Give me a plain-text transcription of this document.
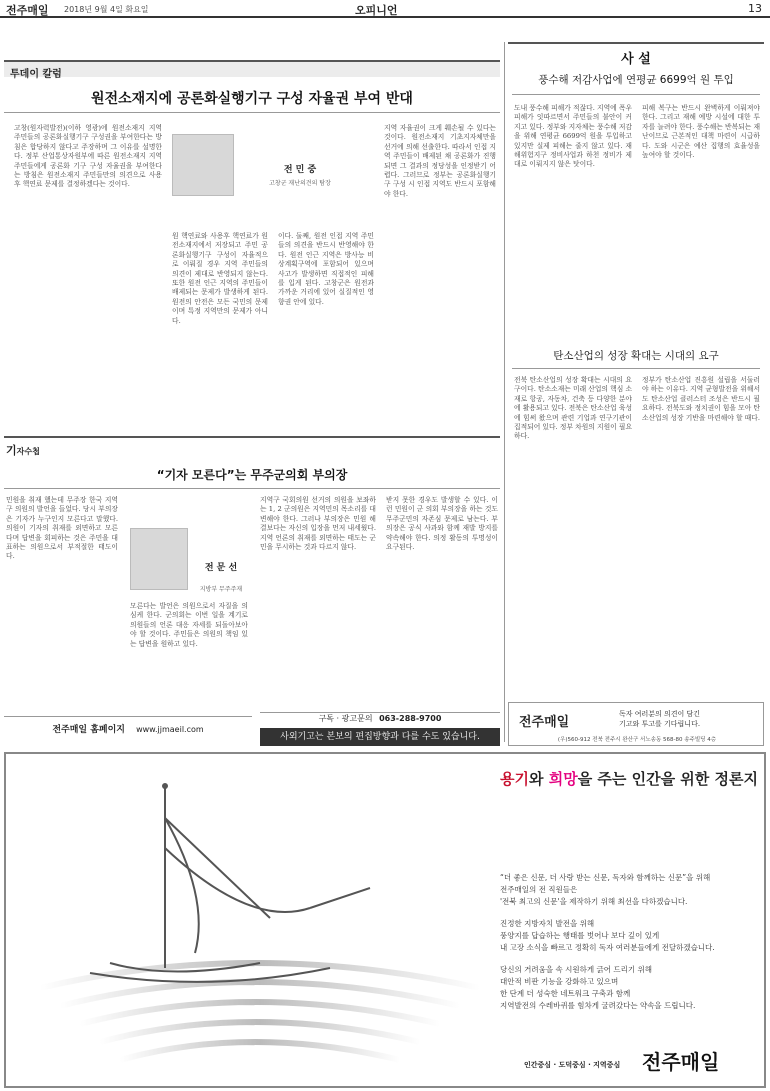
전주매일 2018년 9월 4일 화요일	오피니언	13
투데이 칼럼
원전소재지에 공론화실행기구 구성 자율권 부여 반대
고창(원자력발전)(이하 영광)에 원전소재지 지역주민들의 공론화실행기구 구성권을 부여한다는 방침은 합당하지 않다고 주장하며 그 이유를 설명한다. 정부 산업통상자원부에 따른 원전소재지 지역주민들에게 공론화 기구 구성 자율권을 부여한다는 방침은 원전소재지 주민들만의 의견으로 사용후 핵연료 문제를 결정하겠다는 것이다.
전 민 중
고창군 재난의견의 탐장
원 핵연료와 사용후 핵연료가 원전소재지에서 저장되고 주민 공론화실행기구 구성이 자율적으로 이뤄질 경우 지역 주민들의 의견이 제대로 반영되지 않는다. 또한 원전 인근 지역의 주민들이 배제되는 문제가 발생하게 된다. 원전의 안전은 모든 국민의 문제이며 특정 지역만의 문제가 아니다.
이다. 둘째, 원전 인접 지역 주민들의 의견을 반드시 반영해야 한다. 원전 인근 지역은 방사능 비상계획구역에 포함되어 있으며 사고가 발생하면 직접적인 피해를 입게 된다. 고창군은 원전과 가까운 거리에 있어 실질적인 영향권 안에 있다.
지역 자율권이 크게 훼손될 수 있다는 것이다. 원전소재지 기초지자체만을 선거에 의해 선출한다. 따라서 인접 지역 주민들이 배제된 채 공론화가 진행되면 그 결과의 정당성을 인정받기 어렵다. 그러므로 정부는 공론화실행기구 구성 시 인접 지역도 반드시 포함해야 한다.
사 설
풍수해 저감사업에 연평균 6699억 원 투입
도내 풍수해 피해가 적잖다. 지역에 폭우 피해가 잇따르면서 주민들의 불안이 커지고 있다. 정부와 지자체는 풍수해 저감을 위해 연평균 6699억 원을 투입하고 있지만 실제 피해는 줄지 않고 있다. 재해위험지구 정비사업과 하천 정비가 제대로 이뤄지지 않은 탓이다.
피해 복구는 반드시 완벽하게 이뤄져야 한다. 그리고 재해 예방 시설에 대한 투자를 늘려야 한다. 풍수해는 반복되는 재난이므로 근본적인 대책 마련이 시급하다. 도와 시군은 예산 집행의 효율성을 높여야 할 것이다.
탄소산업의 성장 확대는 시대의 요구
전북 탄소산업의 성장 확대는 시대의 요구이다. 탄소소재는 미래 산업의 핵심 소재로 항공, 자동차, 건축 등 다양한 분야에 활용되고 있다. 전북은 탄소산업 육성에 힘써 왔으며 관련 기업과 연구기관이 집적되어 있다. 정부 차원의 지원이 필요하다.
정부가 탄소산업 진흥원 설립을 서둘러야 하는 이유다. 지역 균형발전을 위해서도 탄소산업 클러스터 조성은 반드시 필요하다. 전북도와 정치권이 힘을 모아 탄소산업의 성장 기반을 마련해야 할 때다.
기자수첩
“기자 모른다”는 무주군의회 부의장
민원을 취재 했는데 무주장 한국 지역구 의원의 발언을 들었다. 당시 부의장은 기자가 누구인지 모른다고 말했다. 의원이 기자의 취재를 외면하고 모른다며 답변을 회피하는 것은 주민을 대표하는 의원으로서 부적절한 태도이다.
전 문 선
지방부 무주주재
모른다는 발언은 의원으로서 자질을 의심케 한다. 군의회는 이번 일을 계기로 의원들의 언론 대응 자세를 되돌아보아야 할 것이다. 주민들은 의원의 책임 있는 답변을 원하고 있다.
지역구 국회의원 선거의 의원을 보좌하는 1, 2 군의원은 지역민의 목소리를 대변해야 한다. 그러나 부의장은 민원 해결보다는 자신의 입장을 먼저 내세웠다. 지역 언론의 취재를 외면하는 태도는 군민을 무시하는 것과 다르지 않다.
받지 못한 경우도 발생할 수 있다. 이런 민원이 군 의회 부의장을 하는 것도 무주군민의 자존심 문제로 남는다. 부의장은 공식 사과와 함께 재발 방지를 약속해야 한다. 의정 활동의 투명성이 요구된다.
전주매일 홈페이지 www.jjmaeil.com
구독 · 광고문의 063-288-9700
사외기고는 본보의 편집방향과 다를 수도 있습니다.
전주매일
독자 여러분의 의견이 담긴
기고와 투고를 기다립니다.
(우)560-912 전북 전주시 완산구 서노송동 568-80 송주빌딩 4층
용기와 희망을 주는 인간을 위한 정론지

“더 좋은 신문, 더 사랑 받는 신문, 독자와 함께하는 신문”을 위해

전주매일의 전 직원들은

'전북 최고의 신문'을 제작하기 위해 최선을 다하겠습니다.

진정한 지방자치 발전을 위해

풍양지를 답습하는 행태를 벗어나 보다 깊이 있게

내 고장 소식을 빠르고 정확히 독자 여러분들에게 전달하겠습니다.

당신의 거려움을 속 시원하게 긁어 드리기 위해

대안적 비판 기능을 강화하고 있으며

한 단계 더 성숙한 네트워크 구축과 함께

지역발전의 수레바퀴를 힘차게 굴려갔다는 약속을 드립니다.

인간중심 · 도덕중심 · 지역중심 전주매일
